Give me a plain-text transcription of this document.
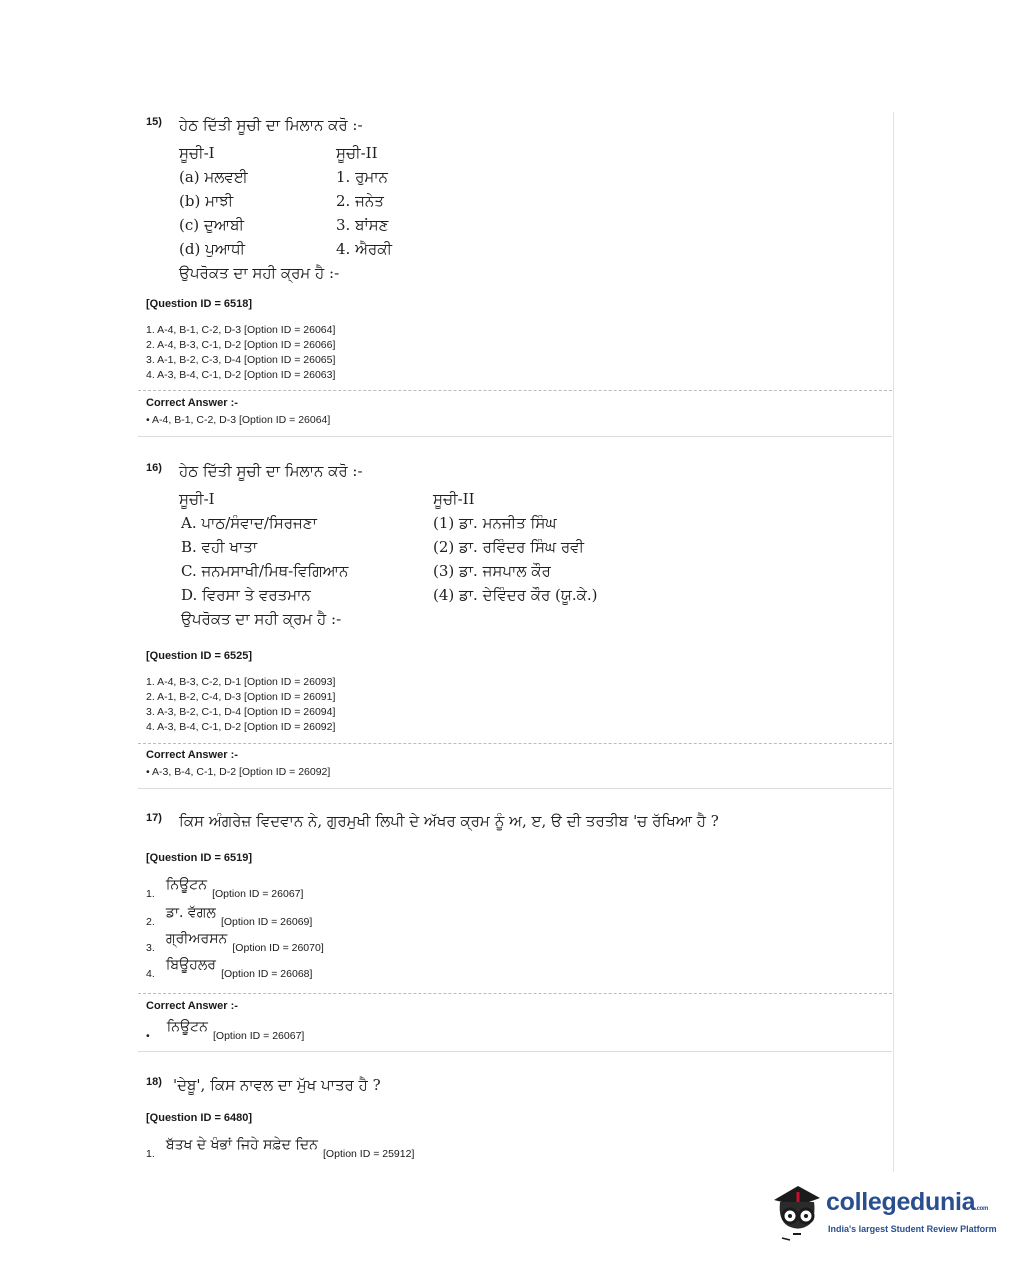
15) ਹੇਠ ਦਿੱਤੀ ਸੂਚੀ ਦਾ ਮਿਲਾਨ ਕਰੋ :-
ਸੂਚੀ-I	ਸੂਚੀ-II
(a) ਮਲਵਈ	1. ਰੁਮਾਨ
(b) ਮਾਝੀ	2. ਜਨੇਤ
(c) ਦੁਆਬੀ	3. ਬਾਂਸਣ
(d) ਪੁਆਧੀ	4. ਐਰਕੀ
ਉਪਰੋਕਤ ਦਾ ਸਹੀ ਕ੍ਰਮ ਹੈ :-
[Question ID = 6518]
1. A-4, B-1, C-2, D-3 [Option ID = 26064]
2. A-4, B-3, C-1, D-2 [Option ID = 26066]
3. A-1, B-2, C-3, D-4 [Option ID = 26065]
4. A-3, B-4, C-1, D-2 [Option ID = 26063]
Correct Answer :-
• A-4, B-1, C-2, D-3 [Option ID = 26064]
16) ਹੇਠ ਦਿੱਤੀ ਸੂਚੀ ਦਾ ਮਿਲਾਨ ਕਰੋ :-
ਸੂਚੀ-I	ਸੂਚੀ-II
A. ਪਾਠ/ਸੰਵਾਦ/ਸਿਰਜਣਾ	(1) ਡਾ. ਮਨਜੀਤ ਸਿੰਘ
B. ਵਹੀ ਖਾਤਾ	(2) ਡਾ. ਰਵਿੰਦਰ ਸਿੰਘ ਰਵੀ
C. ਜਨਮਸਾਖੀ/ਮਿਥ-ਵਿਗਿਆਨ	(3) ਡਾ. ਜਸਪਾਲ ਕੌਰ
D. ਵਿਰਸਾ ਤੇ ਵਰਤਮਾਨ	(4) ਡਾ. ਦੇਵਿੰਦਰ ਕੌਰ (ਯੂ.ਕੇ.)
ਉਪਰੋਕਤ ਦਾ ਸਹੀ ਕ੍ਰਮ ਹੈ :-
[Question ID = 6525]
1. A-4, B-3, C-2, D-1 [Option ID = 26093]
2. A-1, B-2, C-4, D-3 [Option ID = 26091]
3. A-3, B-2, C-1, D-4 [Option ID = 26094]
4. A-3, B-4, C-1, D-2 [Option ID = 26092]
Correct Answer :-
• A-3, B-4, C-1, D-2 [Option ID = 26092]
17) ਕਿਸ ਅੰਗਰੇਜ਼ ਵਿਦਵਾਨ ਨੇ, ਗੁਰਮੁਖੀ ਲਿਪੀ ਦੇ ਅੱਖਰ ਕ੍ਰਮ ਨੂੰ ਅ, ੲ, ੳ ਦੀ ਤਰਤੀਬ 'ਚ ਰੱਖਿਆ ਹੈ ?
[Question ID = 6519]
1. ਨਿਊਟਨ [Option ID = 26067]
2. ਡਾ. ਵੱਗਲ [Option ID = 26069]
3. ਗ੍ਰੀਅਰਸਨ [Option ID = 26070]
4. ਬਿਊਹਲਰ [Option ID = 26068]
Correct Answer :-
• ਨਿਊਟਨ [Option ID = 26067]
18) 'ਦੇਬੂ', ਕਿਸ ਨਾਵਲ ਦਾ ਮੁੱਖ ਪਾਤਰ ਹੈ ?
[Question ID = 6480]
1. ਬੱਤਖ ਦੇ ਖੰਭਾਂ ਜਿਹੇ ਸਫ਼ੇਦ ਦਿਨ [Option ID = 25912]
collegedunia.com
India's largest Student Review Platform
